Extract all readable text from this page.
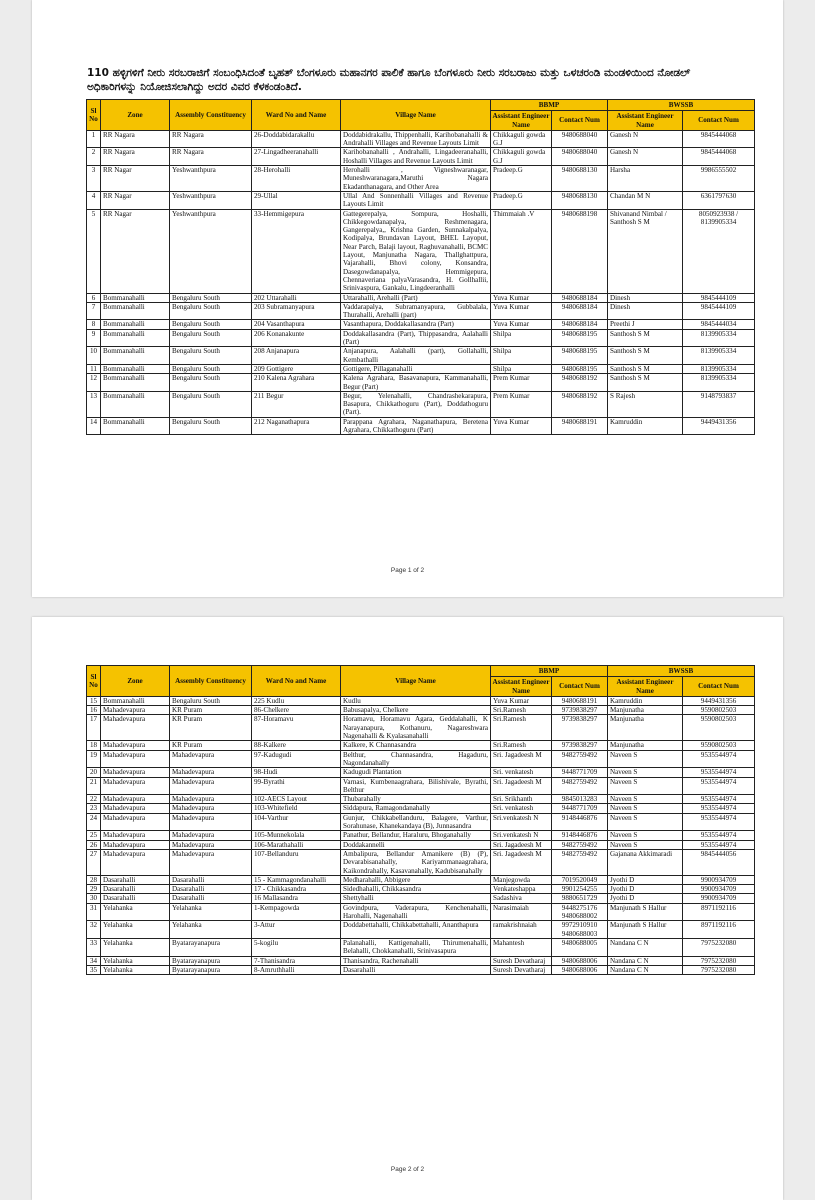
110 ಹಳ್ಳಿಗಳಿಗೆ ನೀರು ಸರಬರಾಜಿಗೆ ಸಂಬಂಧಿಸಿದಂತೆ ಬೃಹತ್ ಬೆಂಗಳೂರು ಮಹಾನಗರ ಪಾಲಿಕೆ ಹಾಗೂ ಬೆಂಗಳೂರು ನೀರು ಸರಬರಾಜು ಮತ್ತು ಒಳಚರಂಡಿ ಮಂಡಳಿಯಿಂದ ನೋಡಲ್ ಅಧಿಕಾರಿಗಳನ್ನು ನಿಯೋಜಿಸಲಾಗಿದ್ದು ಅದರ ವಿವರ ಕೆಳಕಂಡಂತಿದೆ.
Sl No	Zone	Assembly Constituency	Ward No and Name	Village Name	BBMP		BWSSB	
					Assistant Engineer Name	Contact Num	Assistant Engineer Name	Contact Num
1	RR Nagara	RR Nagara	26-Doddabidarakallu	Doddabidrakallu, Thippenhalli, Karihobanahalli & Andrahalli Villages and Revenue Layouts Limit	Chikkaguli gowda G.J	9480688040	Ganesh N	9845444068
2	RR Nagara	RR Nagara	27-Lingadheeranahalli	Karihobanahalli , Andrahalli, Lingadeeranahalli, Hoshalli Villages and Revenue Layouts Limit	Chikkaguli gowda G.J	9480688040	Ganesh N	9845444068
3	RR Nagar	Yeshwanthpura	28-Herohalli	Herohalli , Vigneshwaranagar, Muneshwaranagara,Maruthi Nagara Ekadanthanagara, and Other Area	Pradeep.G	9480688130	Harsha	9986555502
4	RR Nagar	Yeshwanthpura	29-Ullal	Ullal And Sonnenhalli Villages and Revenue Layouts Limit	Pradeep.G	9480688130	Chandan M N	6361797630
5	RR Nagar	Yeshwanthpura	33-Hemmigepura	Gattegerepalya, Sompura, Hoshalli, Chikkegowdanapalya, Reshmenagara, Gangerepalya,, Krishna Garden, Sunnakalpalya, Kodipalya, Brundavan Layout, BHEL Layoput, Near Parch, Balaji layout, Raghuvanahalli, BCMC Layout, Manjunatha Nagara, Thallghattpura, Vajarahalli, Bhovi colony, Konsandra, Dasegowdanapalya, Hemmigepura, Chennaveriana palyaVarasandra, H. Gollhallii, Srinivaspura, Gankalu, Lingdeeranhalli	Thimmaiah .V	9480688198	Shivanand Nimbal / Santhosh S M	8050923938 / 8139905334
6	Bommanahalli	Bengaluru South	202 Uttarahalli	Uttarahalli, Arehalli (Part)	Yuva Kumar	9480688184	Dinesh	9845444109
7	Bommanahalli	Bengaluru South	203 Subramanyapura	Vaddarapalya, Subramanyapura, Gubbalala, Thurahalli, Arehalli (part)	Yuva Kumar	9480688184	Dinesh	9845444109
8	Bommanahalli	Bengaluru South	204 Vasanthapura	Vasanthapura, Doddakallasandra (Part)	Yuva Kumar	9480688184	Preethi J	9845444034
9	Bommanahalli	Bengaluru South	206 Konanakunte	Doddakallasandra (Part), Thippasandra, Aalahalli (Part)	Shilpa	9480688195	Santhosh S M	8139905334
10	Bommanahalli	Bengaluru South	208 Anjanapura	Anjanapura, Aalahalli (part), Gollahalli, Kembathalli	Shilpa	9480688195	Santhosh S M	8139905334
11	Bommanahalli	Bengaluru South	209 Gottigere	Gottigere, Pillaganahalli	Shilpa	9480688195	Santhosh S M	8139905334
12	Bommanahalli	Bengaluru South	210 Kalena Agrahara	Kalena Agrahara, Basavanapura, Kammanahalli, Begur (Part)	Prem Kumar	9480688192	Santhosh S M	8139905334
13	Bommanahalli	Bengaluru South	211 Begur	Begur, Yelenahalli, Chandrashekarapura, Basapura, Chikkathoguru (Part), Doddathoguru (Part).	Prem Kumar	9480688192	S Rajesh	9148793837
14	Bommanahalli	Bengaluru South	212 Naganathapura	Parappana Agrahara, Naganathapura, Beretena Agrahara, Chikkathoguru (Part)	Yuva Kumar	9480688191	Kamruddin	9449431356
Page 1 of 2
Sl No	Zone	Assembly Constituency	Ward No and Name	Village Name	BBMP		BWSSB	
					Assistant Engineer Name	Contact Num	Assistant Engineer Name	Contact Num
15	Bommanahalli	Bengaluru South	225 Kudlu	Kudlu	Yuva Kumar	9480688191	Kamruddin	9449431356
16	Mahadevapura	KR Puram	86-Chelkere	Babusapalya, Chelkere	Sri.Ramesh	9739838297	Manjunatha	9590802503
17	Mahadevapura	KR Puram	87-Horamavu	Horamavu, Horamavu Agara, Geddalahalli, K Narayanapura, Kothanuru, Nagareshwara Nagenahalli & Kyalasanahalli	Sri.Ramesh	9739838297	Manjunatha	9590802503
18	Mahadevapura	KR Puram	88-Kalkere	Kalkere, K Channasandra	Sri.Ramesh	9739838297	Manjunatha	9590802503
19	Mahadevapura	Mahadevapura	97-Kadugudi	Belthur, Channasandra, Hagaduru, Nagondanahally	Sri. Jagadeesh M	9482759492	Naveen S	9535544974
20	Mahadevapura	Mahadevapura	98-Hudi	Kadugudi Plantation	Sri. venkatesh	9448771709	Naveen S	9535544974
21	Mahadevapura	Mahadevapura	99-Byrathi	Varnasi, Kumbenaagrahara, Bilishivale, Byrathi, Belthur	Sri. Jagadeesh M	9482759492	Naveen S	9535544974
22	Mahadevapura	Mahadevapura	102-AECS Layout	Thubarahally	Sri. Srikhanth	9845013283	Naveen S	9535544974
23	Mahadevapura	Mahadevapura	103-Whitefield	Siddapura, Ramagondanahally	Sri. venkatesh	9448771709	Naveen S	9535544974
24	Mahadevapura	Mahadevapura	104-Varthur	Gunjur, Chikkabellanduru, Balagere, Varthur, Sorahunase, Khanekandaya (B), Junnasandra	Sri.venkatesh N	9148446876	Naveen S	9535544974
25	Mahadevapura	Mahadevapura	105-Munnekolala	Panathur, Bellandur, Haraluru, Bhoganahally	Sri.venkatesh N	9148446876	Naveen S	9535544974
26	Mahadevapura	Mahadevapura	106-Marathahalli	Doddakannelli	Sri. Jagadeesh M	9482759492	Naveen S	9535544974
27	Mahadevapura	Mahadevapura	107-Bellanduru	Ambalipura, Bellandur Amanikere (B) (P), Devarabisanahally, Kariyammanaagrahara, Kaikondrahally, Kasavanahally, Kadubisanahally	Sri. Jagadeesh M	9482759492	Gajanana Akkimaradi	9845444056
28	Dasarahalli	Dasarahalli	15 - Kammagondanahalli	Medharahalli, Abbigere	Manjegowda	7019520049	Jyothi D	9900934709
29	Dasarahalli	Dasarahalli	17 - Chikkasandra	Sidedhahalli, Chikkasandra	Venkateshappa	9901254255	Jyothi D	9900934709
30	Dasarahalli	Dasarahalli	16 Mallasandra	Shettyhalli	Sadashiva	9880651729	Jyothi D	9900934709
31	Yelahanka	Yelahanka	1-Kempagowda	Govindpura, Vaderapura, Kenchenahalli, Harohalli, Nagenahalli	Narasimaiah	9448275176 9480688002	Manjunath S Hallur	8971192116
32	Yelahanka	Yelahanka	3-Attur	Doddabettahalli, Chikkabettahalli, Ananthapura	ramakrishnaiah	9972910910 9480688003	Manjunath S Hallur	8971192116
33	Yelahanka	Byatarayanapura	5-kogilu	Palanahalli, Kattigenahalli, Thirumenahalli, Belahalli, Chokkanahalli, Srinivasapura	Mahantesh	9480688005	Nandana C N	7975232080
34	Yelahanka	Byatarayanapura	7-Thanisandra	Thanisandra, Rachenahalli	Suresh Devatharaj	9480688006	Nandana C N	7975232080
35	Yelahanka	Byatarayanapura	8-Amruthhalli	Dasarahalli	Suresh Devatharaj	9480688006	Nandana C N	7975232080
Page 2 of 2
